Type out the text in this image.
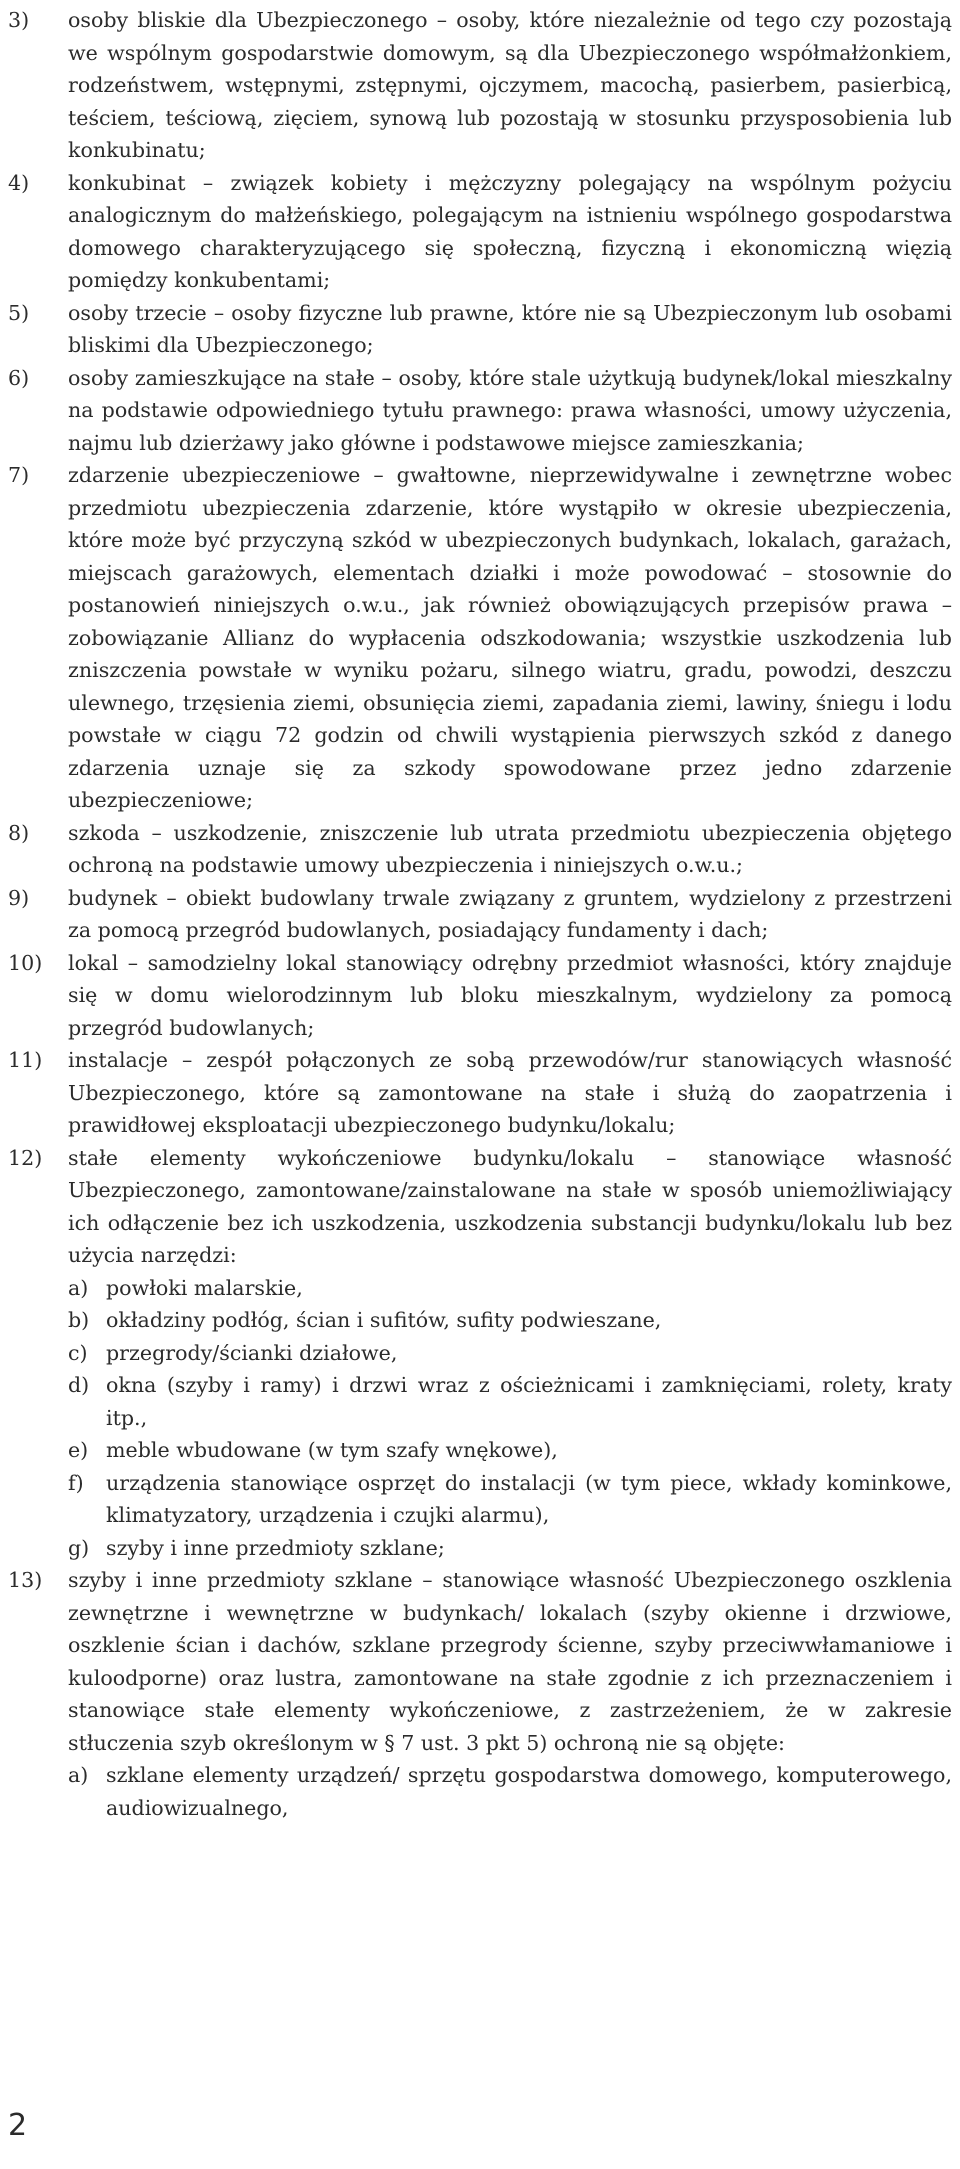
3)	osoby bliskie dla Ubezpieczonego – osoby, które niezależnie od tego czy pozostają we wspólnym gospodarstwie domowym, są dla Ubezpieczonego współmałżonkiem, rodzeństwem, wstępnymi, zstępnymi, ojczymem, macochą, pasierbem, pasierbicą, teściem, teściową, zięciem, synową lub pozostają w stosunku przysposobienia lub konkubinatu;
4)	konkubinat – związek kobiety i mężczyzny polegający na wspólnym pożyciu analogicznym do małżeńskiego, polegającym na istnieniu wspólnego gospodarstwa domowego charakteryzującego się społeczną, fizyczną i ekonomiczną więzią pomiędzy konkubentami;
5)	osoby trzecie – osoby fizyczne lub prawne, które nie są Ubezpieczonym lub osobami bliskimi dla Ubezpieczonego;
6)	osoby zamieszkujące na stałe – osoby, które stale użytkują budynek/lokal mieszkalny na podstawie odpowiedniego tytułu prawnego: prawa własności, umowy użyczenia, najmu lub dzierżawy jako główne i podstawowe miejsce zamieszkania;
7)	zdarzenie ubezpieczeniowe – gwałtowne, nieprzewidywalne i zewnętrzne wobec przedmiotu ubezpieczenia zdarzenie, które wystąpiło w okresie ubezpieczenia, które może być przyczyną szkód w ubezpieczonych budynkach, lokalach, garażach, miejscach garażowych, elementach działki i może powodować – stosownie do postanowień niniejszych o.w.u., jak również obowiązujących przepisów prawa – zobowiązanie Allianz do wypłacenia odszkodowania; wszystkie uszkodzenia lub zniszczenia powstałe w wyniku pożaru, silnego wiatru, gradu, powodzi, deszczu ulewnego, trzęsienia ziemi, obsunięcia ziemi, zapadania ziemi, lawiny, śniegu i lodu powstałe w ciągu 72 godzin od chwili wystąpienia pierwszych szkód z danego zdarzenia uznaje się za szkody spowodowane przez jedno zdarzenie ubezpieczeniowe;
8)	szkoda – uszkodzenie, zniszczenie lub utrata przedmiotu ubezpieczenia objętego ochroną na podstawie umowy ubezpieczenia i niniejszych o.w.u.;
9)	budynek – obiekt budowlany trwale związany z gruntem, wydzielony z przestrzeni za pomocą przegród budowlanych, posiadający fundamenty i dach;
10)	lokal – samodzielny lokal stanowiący odrębny przedmiot własności, który znajduje się w domu wielorodzinnym lub bloku mieszkalnym, wydzielony za pomocą przegród budowlanych;
11)	instalacje – zespół połączonych ze sobą przewodów/rur stanowiących własność Ubezpieczonego, które są zamontowane na stałe i służą do zaopatrzenia i prawidłowej eksploatacji ubezpieczonego budynku/lokalu;
12)	stałe elementy wykończeniowe budynku/lokalu – stanowiące własność Ubezpieczonego, zamontowane/zainstalowane na stałe w sposób uniemożliwiający ich odłączenie bez ich uszkodzenia, uszkodzenia substancji budynku/lokalu lub bez użycia narzędzi:
a) powłoki malarskie,
b) okładziny podłóg, ścian i sufitów, sufity podwieszane,
c) przegrody/ścianki działowe,
d) okna (szyby i ramy) i drzwi wraz z ościeżnicami i zamknięciami, rolety, kraty itp.,
e) meble wbudowane (w tym szafy wnękowe),
f)	urządzenia stanowiące osprzęt do instalacji (w tym piece, wkłady kominkowe, klimatyzatory, urządzenia i czujki alarmu),
g) szyby i inne przedmioty szklane;
13)	szyby i inne przedmioty szklane – stanowiące własność Ubezpieczonego oszklenia zewnętrzne i wewnętrzne w budynkach/ lokalach (szyby okienne i drzwiowe, oszklenie ścian i dachów, szklane przegrody ścienne, szyby przeciwwłamaniowe i kuloodporne) oraz lustra, zamontowane na stałe zgodnie z ich przeznaczeniem i stanowiące stałe elementy wykończeniowe, z zastrzeżeniem, że w zakresie stłuczenia szyb określonym w § 7 ust. 3 pkt 5) ochroną nie są objęte:
a) szklane elementy urządzeń/ sprzętu gospodarstwa domowego, komputerowego, audiowizualnego,
2
